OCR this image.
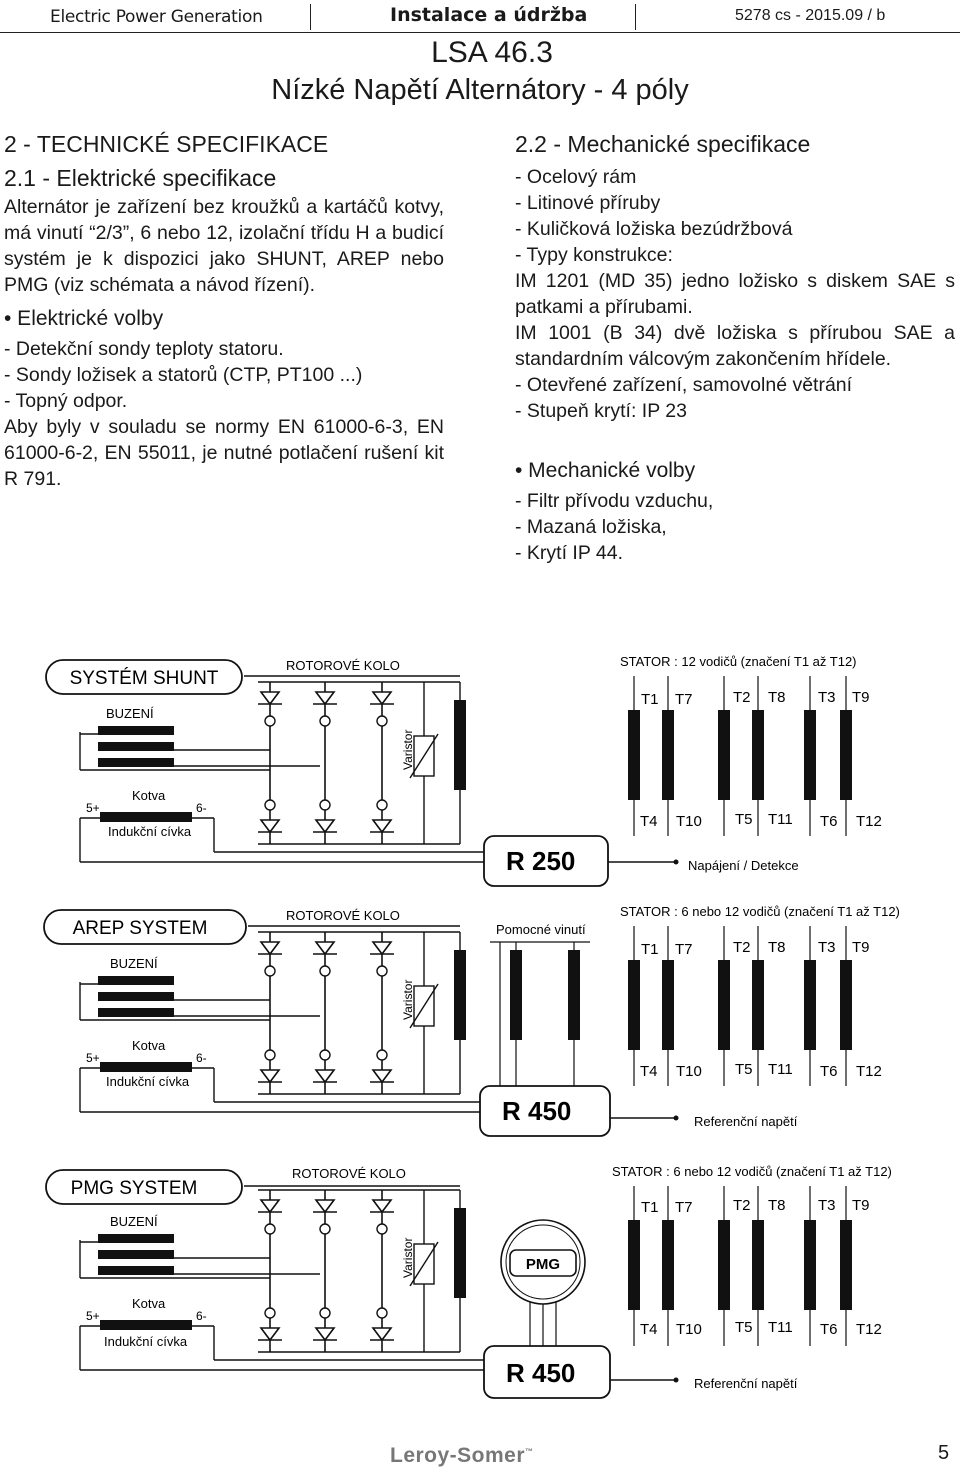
Electric Power Generation	Instalace a údržba	5278 cs - 2015.09 / b
LSA 46.3
Nízké Napětí Alternátory - 4 póly
2 - TECHNICKÉ SPECIFIKACE
2.1 - Elektrické specifikace

Alternátor je zařízení bez kroužků a kartáčů kotvy, má vinutí “2/3”, 6 nebo 12, izolační třídu H a budicí systém je k dispozici jako SHUNT, AREP nebo PMG (viz schémata a návod řízení).

• Elektrické volby

- Detekční sondy teploty statoru.

- Sondy ložisek a statorů (CTP, PT100 ...)

- Topný odpor.

Aby byly v souladu se normy EN 61000-6-3, EN 61000-6-2, EN 55011, je nutné potlačení rušení kit R 791.

2.2 - Mechanické specifikace

- Ocelový rám

- Litinové příruby

- Kuličková ložiska bezúdržbová

- Typy konstrukce:

IM 1201 (MD 35) jedno ložisko s diskem SAE s patkami a přírubami.

IM 1001 (B 34) dvě ložiska s přírubou SAE a standardním válcovým zakončením hřídele.

- Otevřené zařízení, samovolné větrání

- Stupeň krytí: IP 23

• Mechanické volby

- Filtr přívodu vzduchu,

- Mazaná ložiska,

- Krytí IP 44.

SYSTÉM SHUNT
BUZENÍ
ROTOROVÉ KOLO
Varistor
Kotva
5+	6-
Indukční cívka
R 250	Napájení / Detekce
STATOR : 12 vodičů (značení T1 až T12)
T1 T7	T2 T8 T3 T9
T4 T10 T5 T11 T6 T12
AREP SYSTEM
BUZENÍ
ROTOROVÉ KOLO
Varistor
Pomocné vinutí
Kotva
5+	6-
Indukční cívka
R 450	Referenční napětí
STATOR : 6 nebo 12 vodičů (značení T1 až T12)
T1 T7	T2 T8 T3 T9
T4 T10 T5 T11 T6 T12
PMG SYSTEM
BUZENÍ
ROTOROVÉ KOLO
Varistor	PMG
Kotva
5+	6-
Indukční cívka
R 450	Referenční napětí
STATOR : 6 nebo 12 vodičů (značení T1 až T12)
T1 T7	T2 T8 T3 T9
T4 T10 T5 T11 T6 T12
Leroy-Somer™	5
